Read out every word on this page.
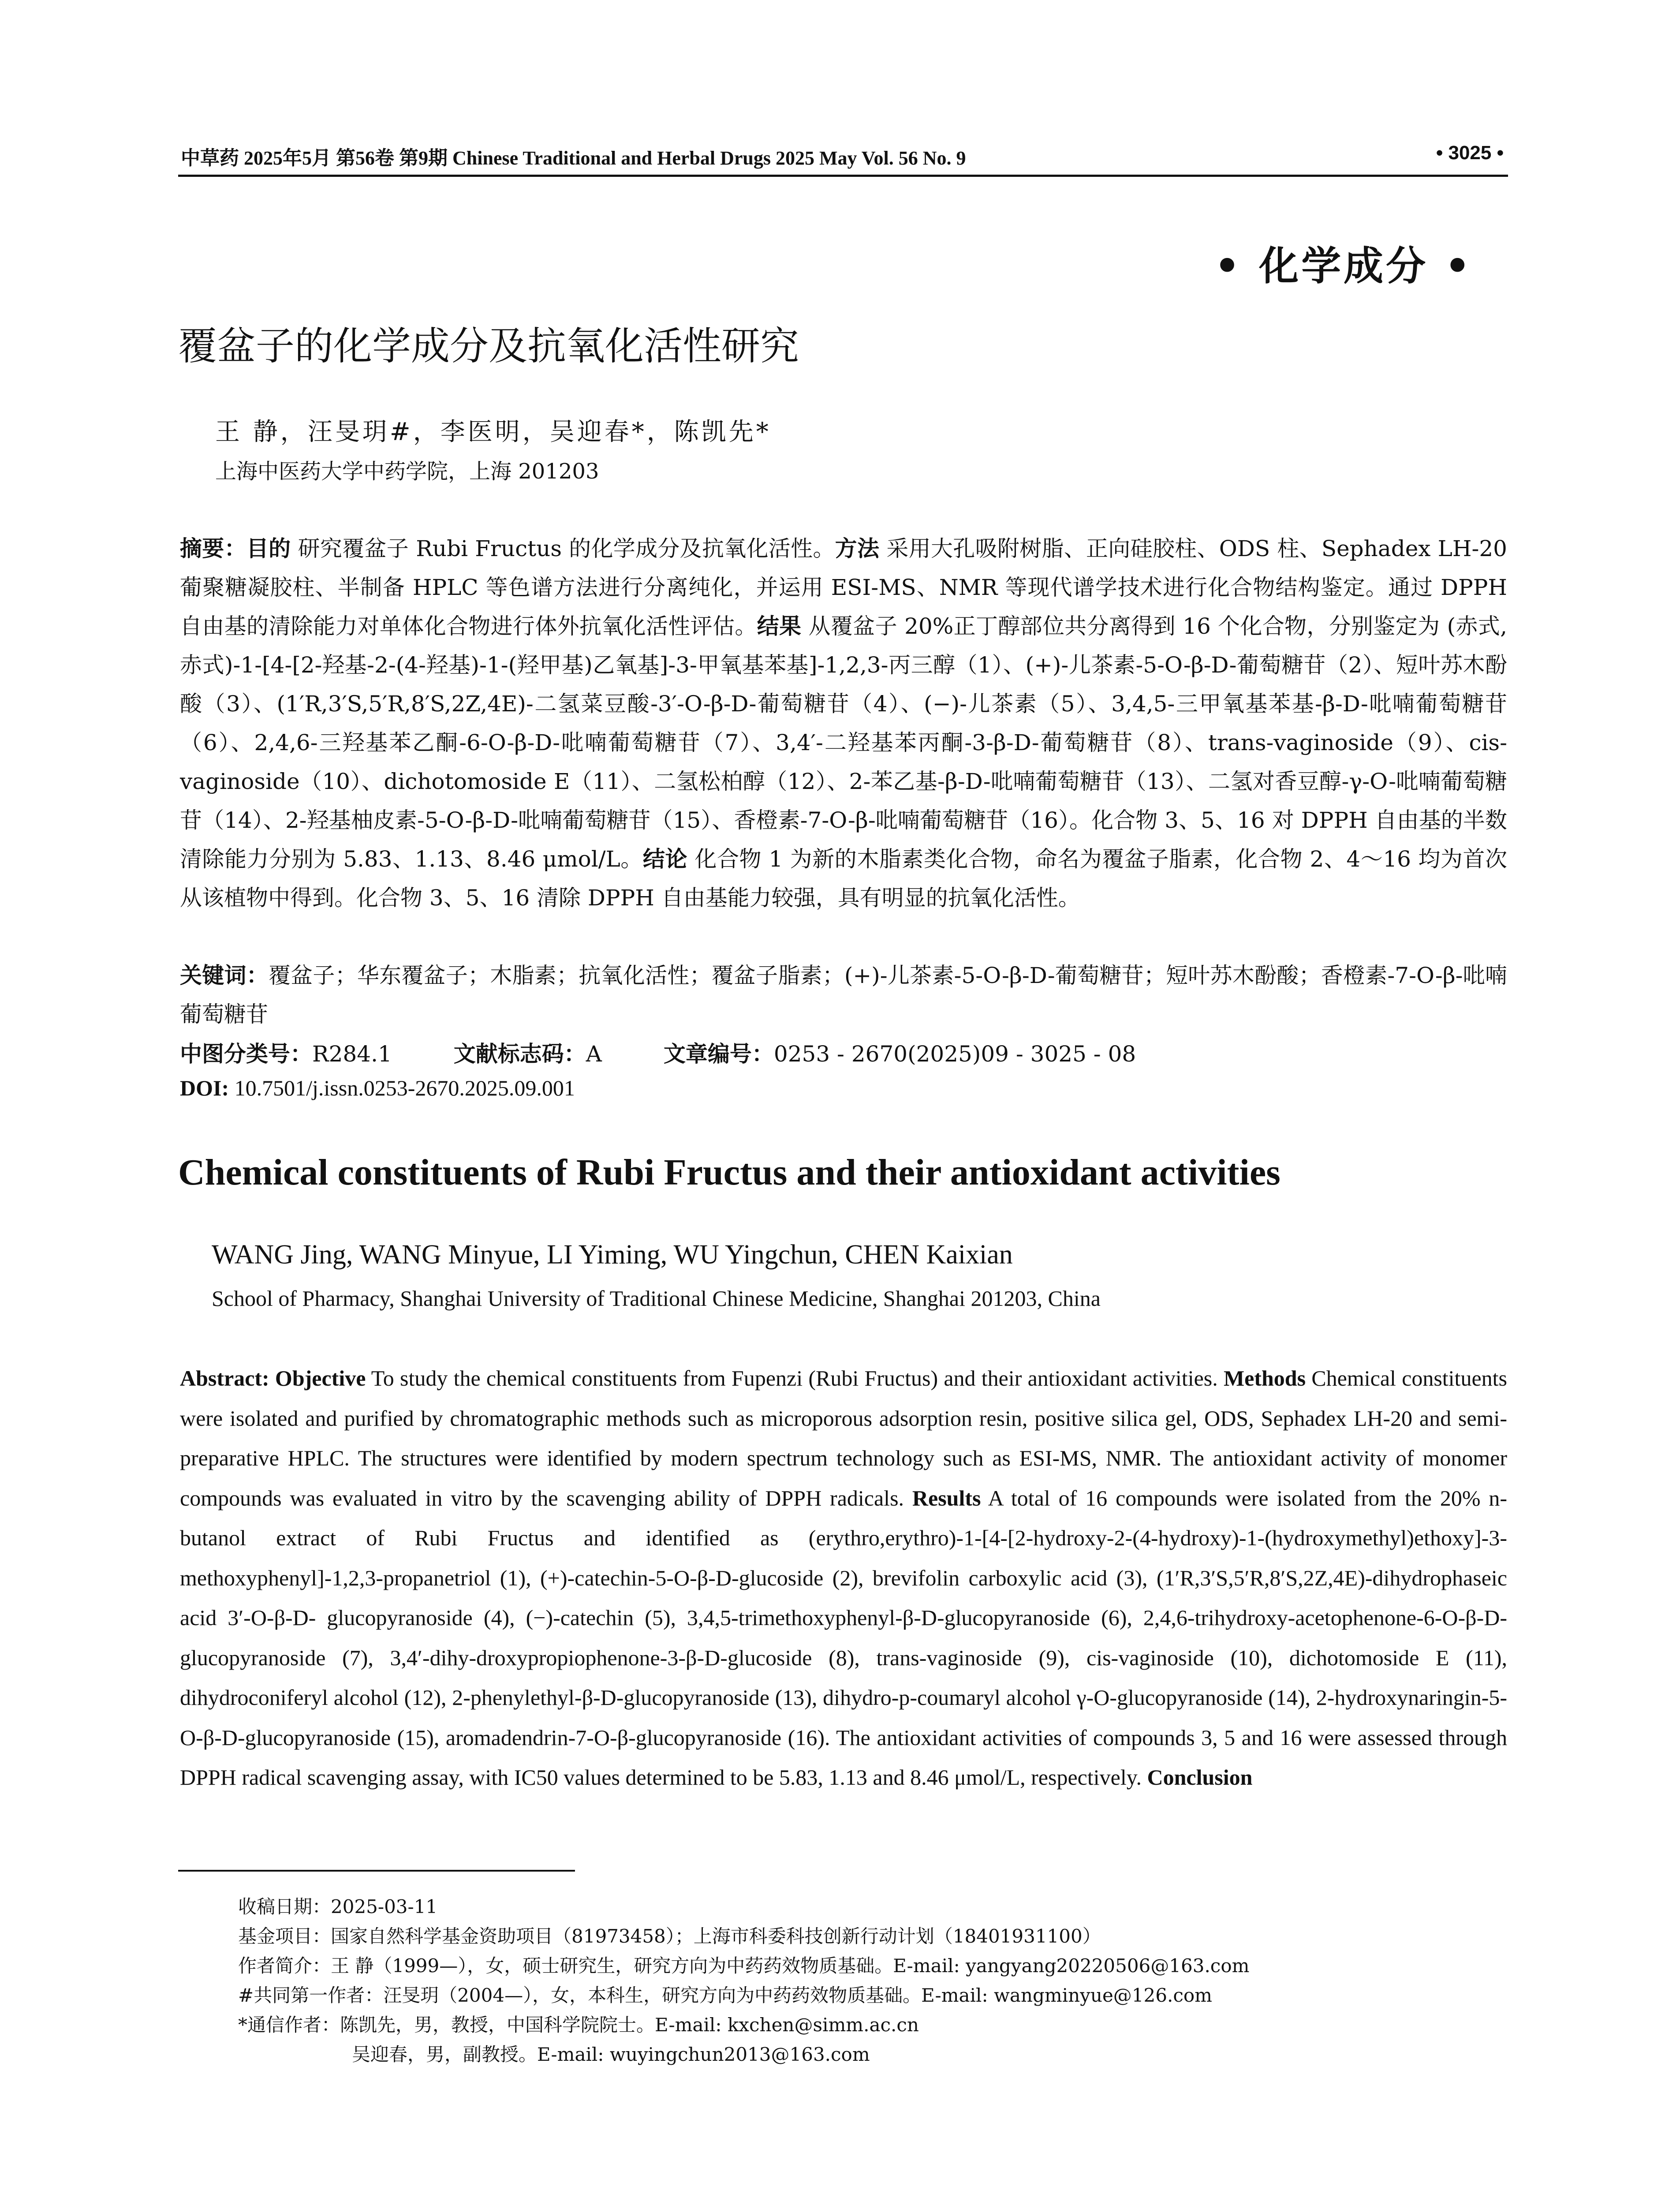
中草药 2025年5月 第56卷 第9期 Chinese Traditional and Herbal Drugs 2025 May Vol. 56 No. 9	• 3025 •
• 化学成分 •
覆盆子的化学成分及抗氧化活性研究
王 静，汪旻玥#，李医明，吴迎春*，陈凯先*
上海中医药大学中药学院，上海 201203
摘要：目的 研究覆盆子 Rubi Fructus 的化学成分及抗氧化活性。方法 采用大孔吸附树脂、正向硅胶柱、ODS 柱、Sephadex LH-20 葡聚糖凝胶柱、半制备 HPLC 等色谱方法进行分离纯化，并运用 ESI-MS、NMR 等现代谱学技术进行化合物结构鉴定。通过 DPPH 自由基的清除能力对单体化合物进行体外抗氧化活性评估。结果 从覆盆子 20%正丁醇部位共分离得到 16 个化合物，分别鉴定为 (赤式,赤式)-1-[4-[2-羟基-2-(4-羟基)-1-(羟甲基)乙氧基]-3-甲氧基苯基]-1,2,3-丙三醇（1）、(+)-儿茶素-5-O-β-D-葡萄糖苷（2）、短叶苏木酚酸（3）、(1′R,3′S,5′R,8′S,2Z,4E)-二氢菜豆酸-3′-O-β-D-葡萄糖苷（4）、(−)-儿茶素（5）、3,4,5-三甲氧基苯基-β-D-吡喃葡萄糖苷（6）、2,4,6-三羟基苯乙酮-6-O-β-D-吡喃葡萄糖苷（7）、3,4′-二羟基苯丙酮-3-β-D-葡萄糖苷（8）、trans-vaginoside（9）、cis-vaginoside（10）、dichotomoside E（11）、二氢松柏醇（12）、2-苯乙基-β-D-吡喃葡萄糖苷（13）、二氢对香豆醇-γ-O-吡喃葡萄糖苷（14）、2-羟基柚皮素-5-O-β-D-吡喃葡萄糖苷（15）、香橙素-7-O-β-吡喃葡萄糖苷（16）。化合物 3、5、16 对 DPPH 自由基的半数清除能力分别为 5.83、1.13、8.46 μmol/L。结论 化合物 1 为新的木脂素类化合物，命名为覆盆子脂素，化合物 2、4～16 均为首次从该植物中得到。化合物 3、5、16 清除 DPPH 自由基能力较强，具有明显的抗氧化活性。
关键词：覆盆子；华东覆盆子；木脂素；抗氧化活性；覆盆子脂素；(+)-儿茶素-5-O-β-D-葡萄糖苷；短叶苏木酚酸；香橙素-7-O-β-吡喃葡萄糖苷
中图分类号：R284.1	文献标志码：A	文章编号：0253 - 2670(2025)09 - 3025 - 08
DOI: 10.7501/j.issn.0253-2670.2025.09.001
Chemical constituents of Rubi Fructus and their antioxidant activities
WANG Jing, WANG Minyue, LI Yiming, WU Yingchun, CHEN Kaixian
School of Pharmacy, Shanghai University of Traditional Chinese Medicine, Shanghai 201203, China
Abstract: Objective To study the chemical constituents from Fupenzi (Rubi Fructus) and their antioxidant activities. Methods Chemical constituents were isolated and purified by chromatographic methods such as microporous adsorption resin, positive silica gel, ODS, Sephadex LH-20 and semi-preparative HPLC. The structures were identified by modern spectrum technology such as ESI-MS, NMR. The antioxidant activity of monomer compounds was evaluated in vitro by the scavenging ability of DPPH radicals. Results A total of 16 compounds were isolated from the 20% n-butanol extract of Rubi Fructus and identified as (erythro,erythro)-1-[4-[2-hydroxy-2-(4-hydroxy)-1-(hydroxymethyl)ethoxy]-3-methoxyphenyl]-1,2,3-propanetriol (1), (+)-catechin-5-O-β-D-glucoside (2), brevifolin carboxylic acid (3), (1′R,3′S,5′R,8′S,2Z,4E)-dihydrophaseic acid 3′-O-β-D- glucopyranoside (4), (−)-catechin (5), 3,4,5-trimethoxyphenyl-β-D-glucopyranoside (6), 2,4,6-trihydroxy-acetophenone-6-O-β-D-glucopyranoside (7), 3,4′-dihy-droxypropiophenone-3-β-D-glucoside (8), trans-vaginoside (9), cis-vaginoside (10), dichotomoside E (11), dihydroconiferyl alcohol (12), 2-phenylethyl-β-D-glucopyranoside (13), dihydro-p-coumaryl alcohol γ-O-glucopyranoside (14), 2-hydroxynaringin-5-O-β-D-glucopyranoside (15), aromadendrin-7-O-β-glucopyranoside (16). The antioxidant activities of compounds 3, 5 and 16 were assessed through DPPH radical scavenging assay, with IC50 values determined to be 5.83, 1.13 and 8.46 μmol/L, respectively. Conclusion
收稿日期：2025-03-11
基金项目：国家自然科学基金资助项目（81973458）；上海市科委科技创新行动计划（18401931100）
作者简介：王 静（1999—），女，硕士研究生，研究方向为中药药效物质基础。E-mail: yangyang20220506@163.com
#共同第一作者：汪旻玥（2004—），女，本科生，研究方向为中药药效物质基础。E-mail: wangminyue@126.com
*通信作者：陈凯先，男，教授，中国科学院院士。E-mail: kxchen@simm.ac.cn
吴迎春，男，副教授。E-mail: wuyingchun2013@163.com
